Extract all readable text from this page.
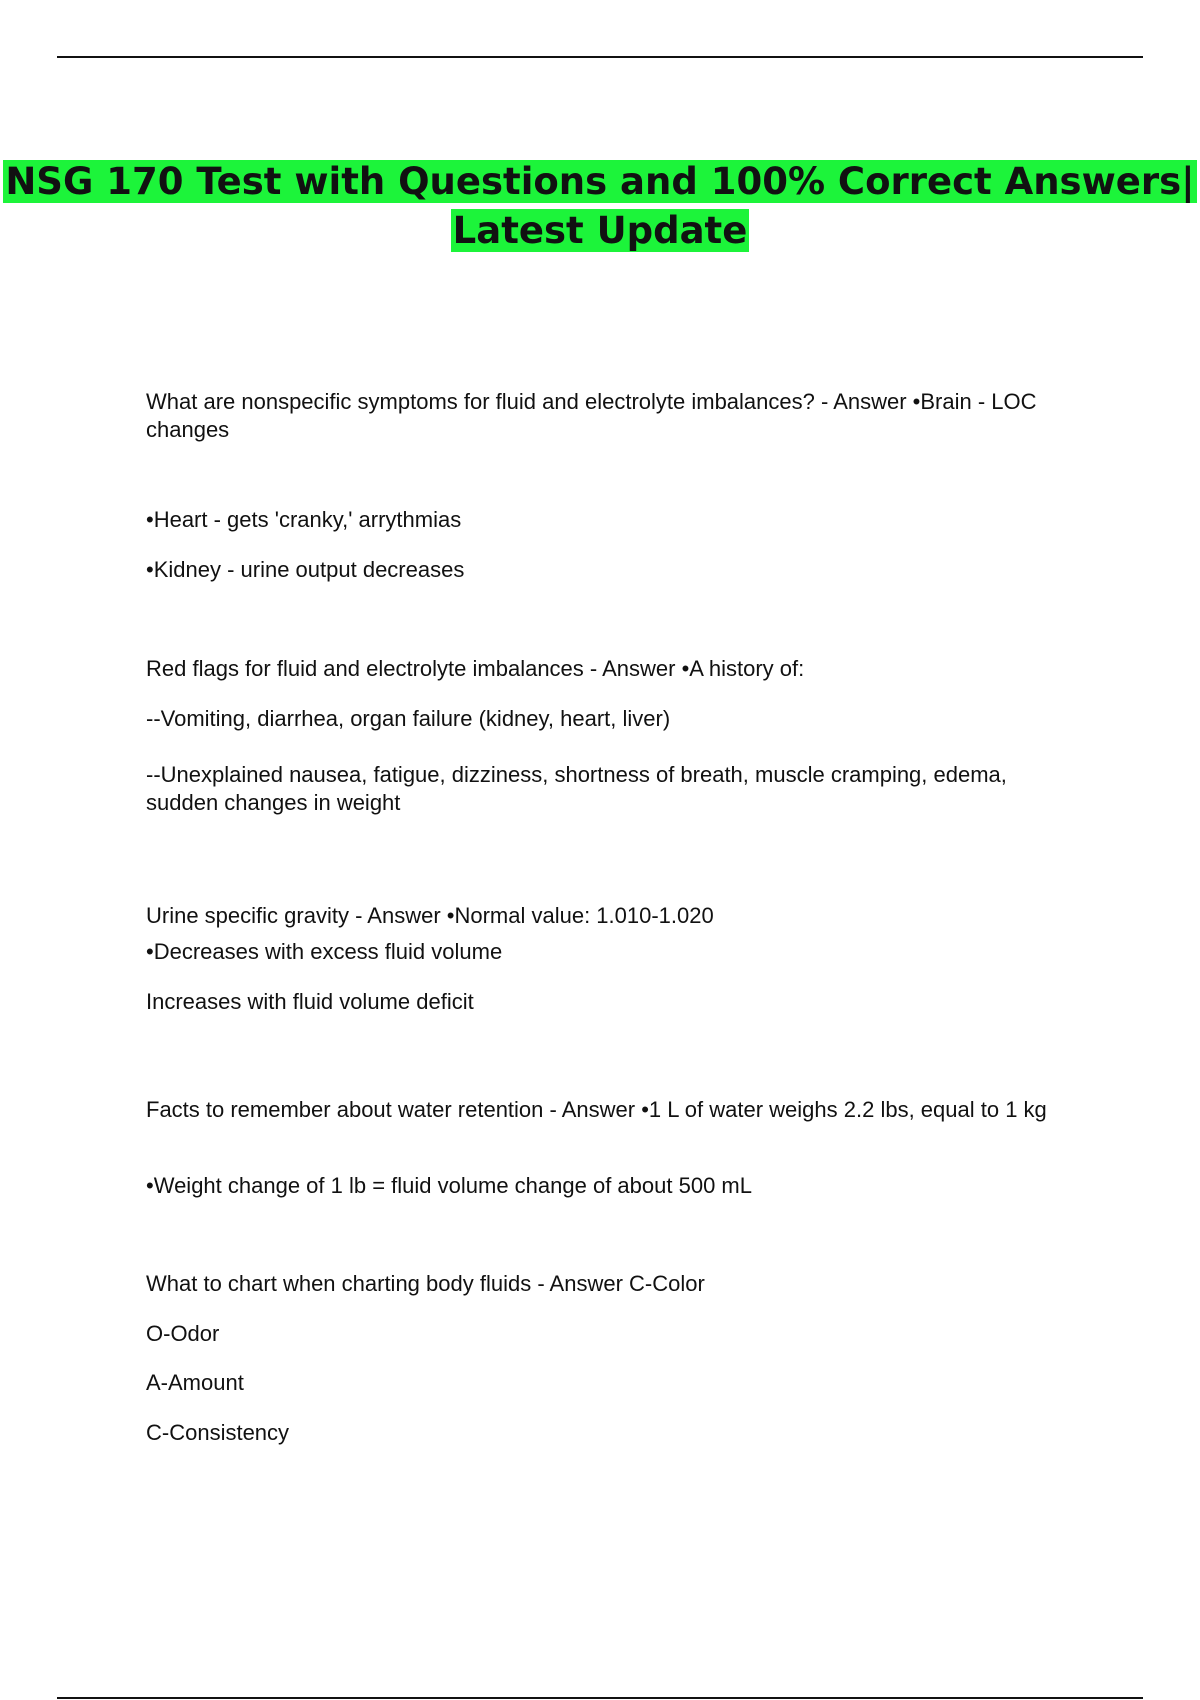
NSG 170 Test with Questions and 100% Correct Answers| Latest Update

What are nonspecific symptoms for fluid and electrolyte imbalances? - Answer •Brain - LOC changes

•Heart - gets 'cranky,' arrythmias

•Kidney - urine output decreases

Red flags for fluid and electrolyte imbalances - Answer •A history of:

--Vomiting, diarrhea, organ failure (kidney, heart, liver)

--Unexplained nausea, fatigue, dizziness, shortness of breath, muscle cramping, edema, sudden changes in weight

Urine specific gravity - Answer •Normal value: 1.010-1.020

•Decreases with excess fluid volume

Increases with fluid volume deficit

Facts to remember about water retention - Answer •1 L of water weighs 2.2 lbs, equal to 1 kg

•Weight change of 1 lb = fluid volume change of about 500 mL

What to chart when charting body fluids - Answer C-Color

O-Odor

A-Amount

C-Consistency
